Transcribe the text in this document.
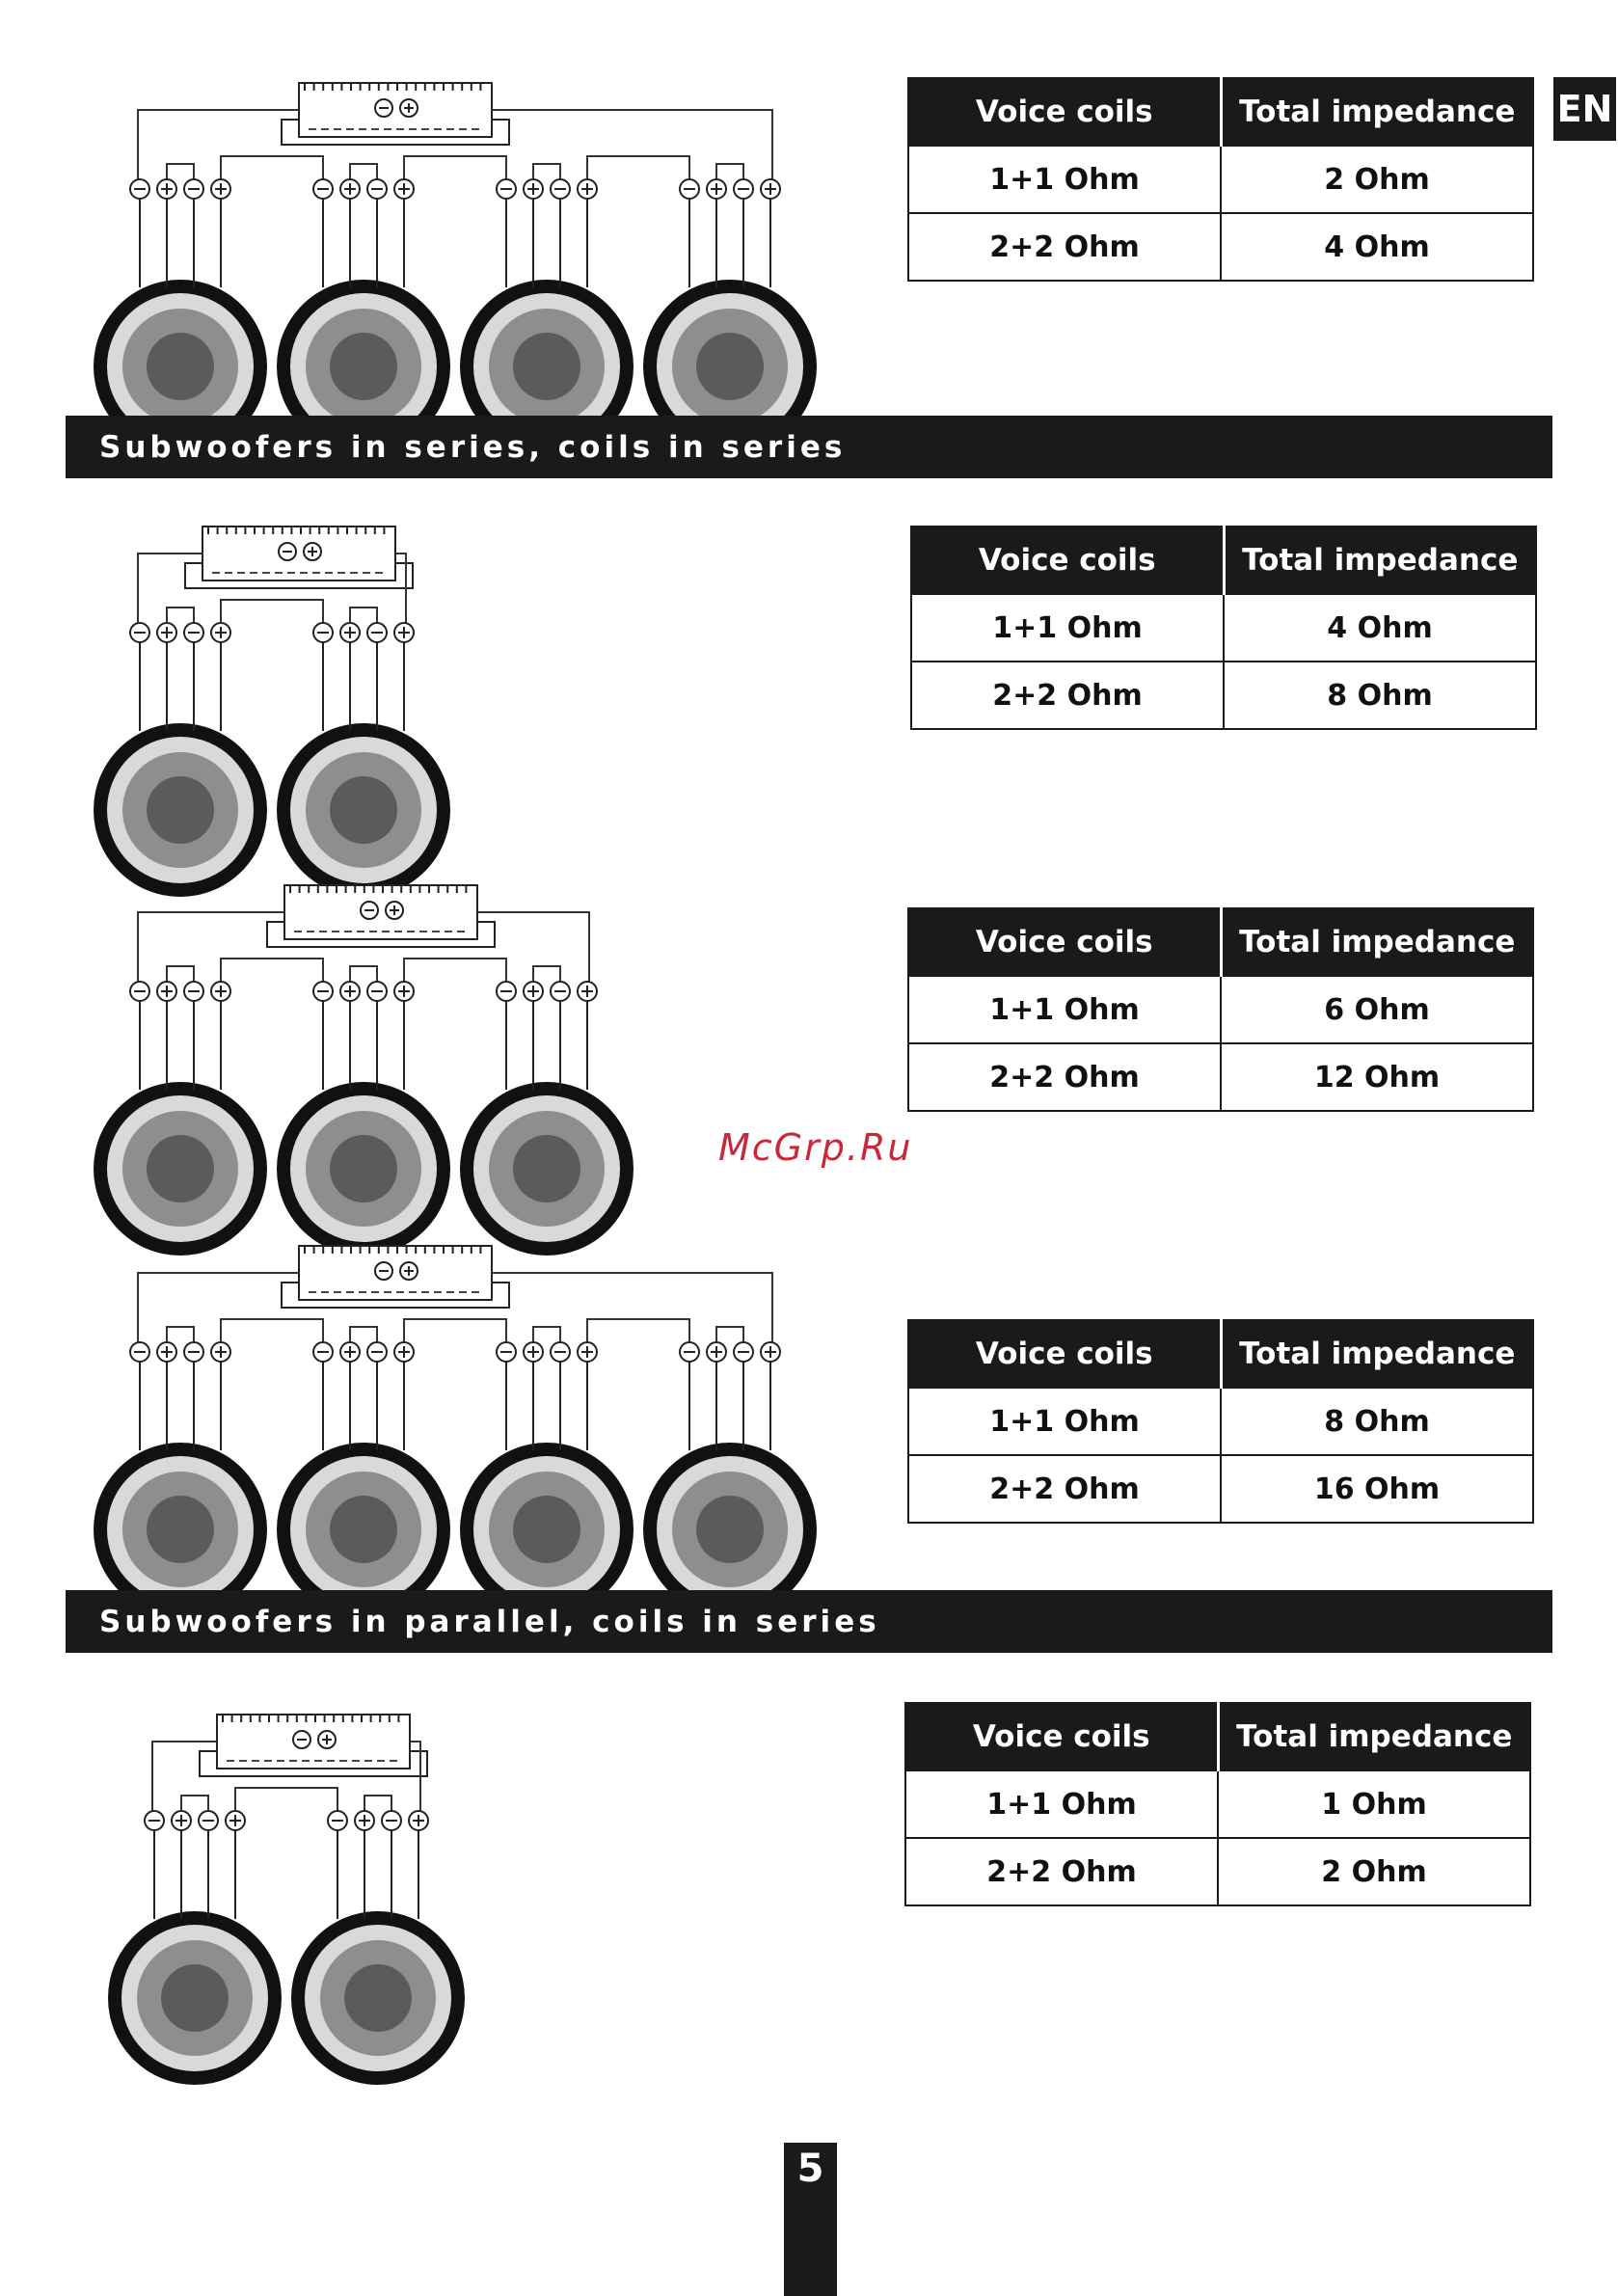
EN
Voice coils	Total impedance
1+1 Ohm	2 Ohm
2+2 Ohm	4 Ohm
Subwoofers in series, coils in series
Voice coils	Total impedance
1+1 Ohm	4 Ohm
2+2 Ohm	8 Ohm
Voice coils	Total impedance
1+1 Ohm	6 Ohm
2+2 Ohm	12 Ohm
McGrp.Ru
Voice coils	Total impedance
1+1 Ohm	8 Ohm
2+2 Ohm	16 Ohm
Subwoofers in parallel, coils in series
Voice coils	Total impedance
1+1 Ohm	1 Ohm
2+2 Ohm	2 Ohm
5
